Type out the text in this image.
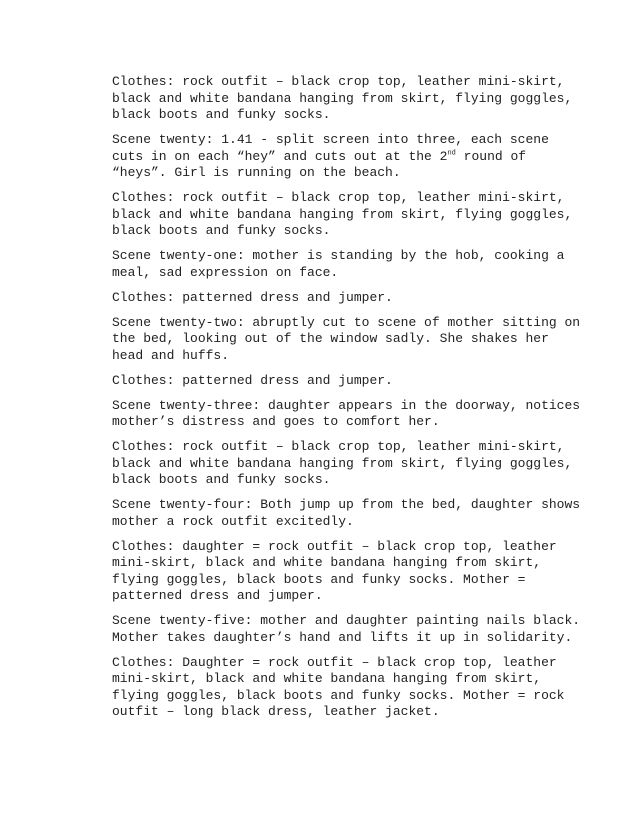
Clothes: rock outfit – black crop top, leather mini-skirt,
black and white bandana hanging from skirt, flying goggles,
black boots and funky socks.

Scene twenty: 1.41 - split screen into three, each scene
cuts in on each “hey” and cuts out at the 2nd round of
“heys”. Girl is running on the beach.

Clothes: rock outfit – black crop top, leather mini-skirt,
black and white bandana hanging from skirt, flying goggles,
black boots and funky socks.

Scene twenty-one: mother is standing by the hob, cooking a
meal, sad expression on face.

Clothes: patterned dress and jumper.

Scene twenty-two: abruptly cut to scene of mother sitting on
the bed, looking out of the window sadly. She shakes her
head and huffs.

Clothes: patterned dress and jumper.

Scene twenty-three: daughter appears in the doorway, notices
mother’s distress and goes to comfort her.

Clothes: rock outfit – black crop top, leather mini-skirt,
black and white bandana hanging from skirt, flying goggles,
black boots and funky socks.

Scene twenty-four: Both jump up from the bed, daughter shows
mother a rock outfit excitedly.

Clothes: daughter = rock outfit – black crop top, leather
mini-skirt, black and white bandana hanging from skirt,
flying goggles, black boots and funky socks. Mother =
patterned dress and jumper.

Scene twenty-five: mother and daughter painting nails black.
Mother takes daughter’s hand and lifts it up in solidarity.

Clothes: Daughter = rock outfit – black crop top, leather
mini-skirt, black and white bandana hanging from skirt,
flying goggles, black boots and funky socks. Mother = rock
outfit – long black dress, leather jacket.
